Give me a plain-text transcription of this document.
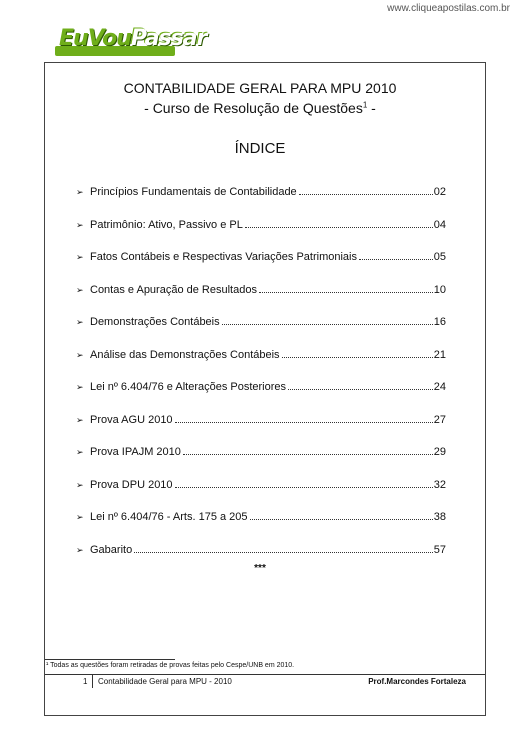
www.cliqueapostilas.com.br
EuVouPassar
CONTABILIDADE GERAL PARA MPU 2010
- Curso de Resolução de Questões$^1$ -
ÍNDICE
➢ Princípios Fundamentais de Contabilidade	02
➢ Patrimônio: Ativo, Passivo e PL	04
➢ Fatos Contábeis e Respectivas Variações Patrimoniais	05
➢ Contas e Apuração de Resultados	10
➢ Demonstrações Contábeis	16
➢ Análise das Demonstrações Contábeis	21
➢ Lei nº 6.404/76 e Alterações Posteriores	24
➢ Prova AGU 2010	27
➢ Prova IPAJM 2010	29
➢ Prova DPU 2010	32
➢ Lei nº 6.404/76 - Arts. 175 a 205	38
➢ Gabarito	57
***
¹ Todas as questões foram retiradas de provas feitas pelo Cespe/UNB em 2010.
1 Contabilidade Geral para MPU - 2010	Prof.Marcondes Fortaleza
